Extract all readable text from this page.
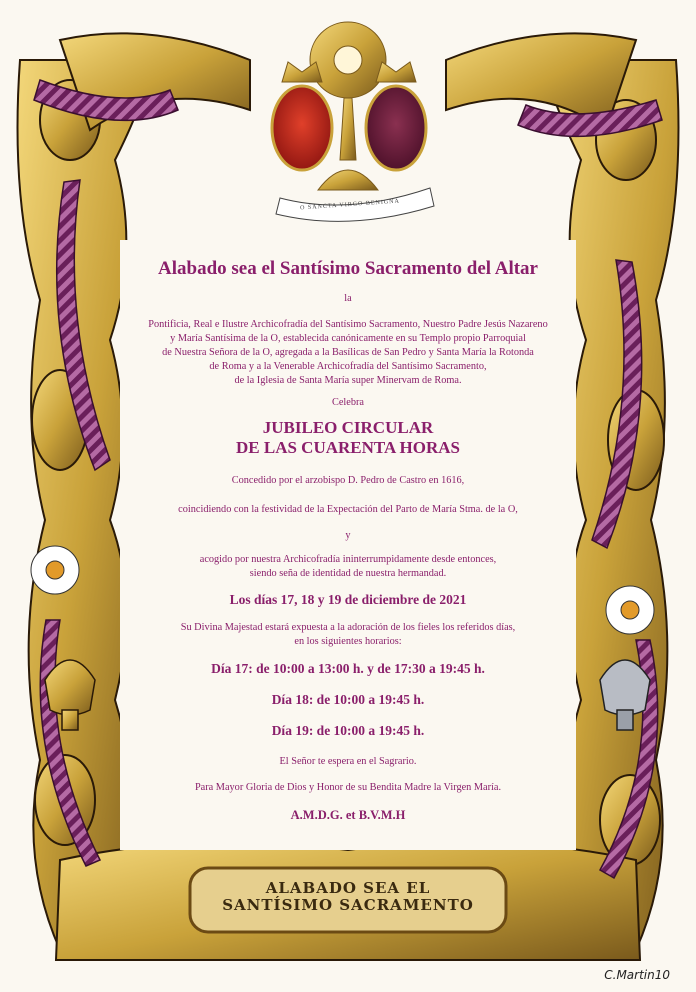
O SANCTA VIRGO BENIGNA
Alabado sea el Santísimo Sacramento del Altar
la
Pontificia, Real e Ilustre Archicofradía del Santísimo Sacramento, Nuestro Padre Jesús Nazareno
y María Santísima de la O, establecida canónicamente en su Templo propio Parroquial
de Nuestra Señora de la O, agregada a la Basílicas de San Pedro y Santa María la Rotonda
de Roma y a la Venerable Archicofradía del Santísimo Sacramento,
de la Iglesia de Santa María super Minervam de Roma.
Celebra
JUBILEO CIRCULAR
DE LAS CUARENTA HORAS
Concedido por el arzobispo D. Pedro de Castro en 1616,
coincidiendo con la festividad de la Expectación del Parto de María Stma. de la O,
y
acogido por nuestra Archicofradía ininterrumpidamente desde entonces,
siendo seña de identidad de nuestra hermandad.
Los días 17, 18 y 19 de diciembre de 2021
Su Divina Majestad estará expuesta a la adoración de los fieles los referidos días,
en los siguientes horarios:
Día 17: de 10:00 a 13:00 h. y de 17:30 a 19:45 h.
Día 18: de 10:00 a 19:45 h.
Día 19: de 10:00 a 19:45 h.
El Señor te espera en el Sagrario.
Para Mayor Gloria de Dios y Honor de su Bendita Madre la Virgen María.
A.M.D.G. et B.V.M.H
ALABADO SEA EL
SANTÍSIMO SACRAMENTO
C.Martin10
